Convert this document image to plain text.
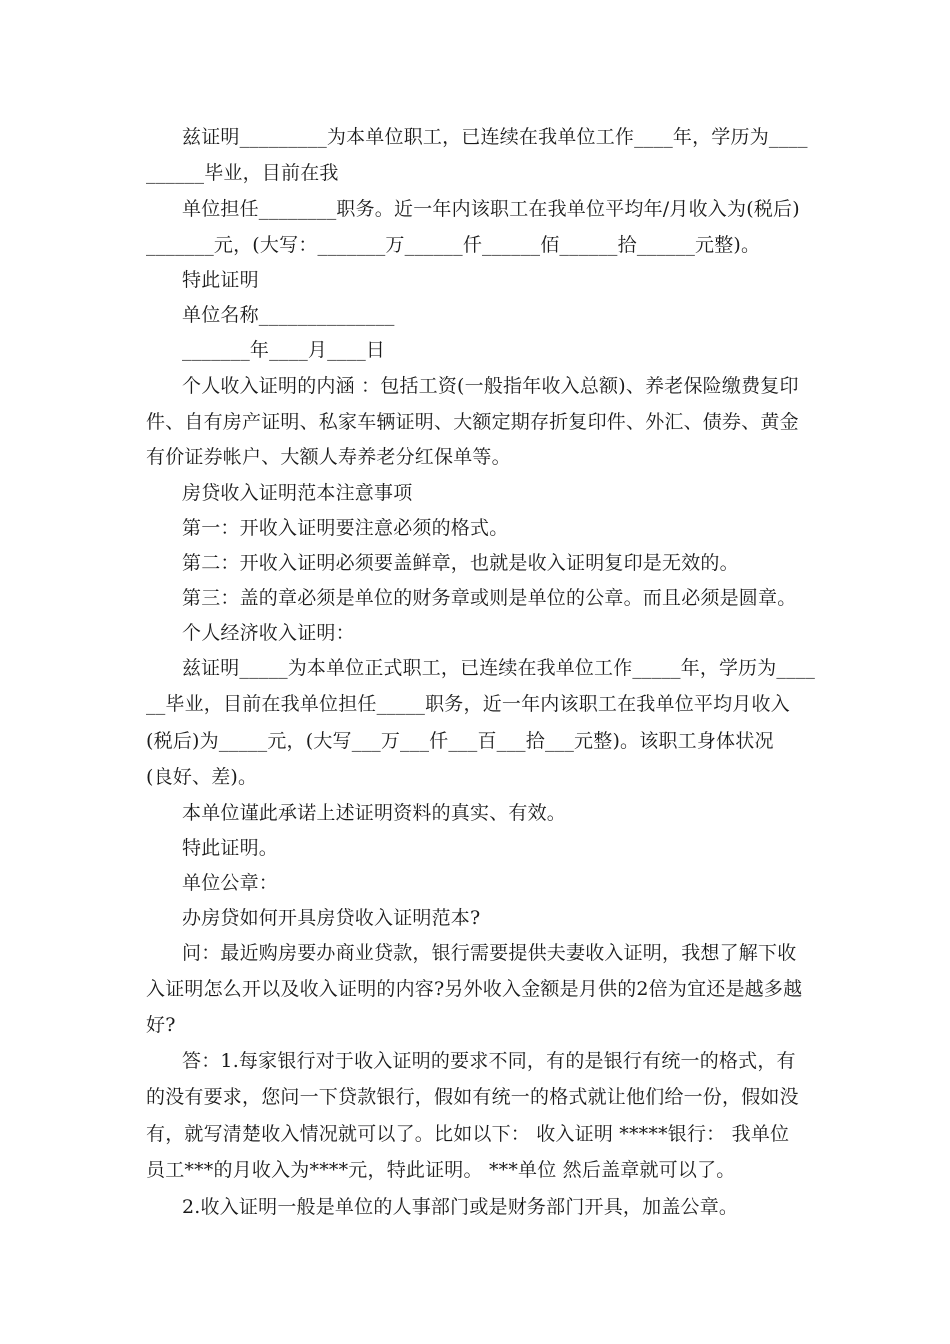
兹证明_________为本单位职工，已连续在我单位工作____年，学历为____

______毕业，目前在我

单位担任________职务。近一年内该职工在我单位平均年/月收入为(税后)

_______元，(大写：_______万______仟______佰______拾______元整)。

特此证明

单位名称______________

_______年____月____日

个人收入证明的内涵 ：包括工资(一般指年收入总额)、养老保险缴费复印

件、自有房产证明、私家车辆证明、大额定期存折复印件、外汇、债券、黄金

有价证券帐户、大额人寿养老分红保单等。

房贷收入证明范本注意事项

第一：开收入证明要注意必须的格式。

第二：开收入证明必须要盖鲜章，也就是收入证明复印是无效的。

第三：盖的章必须是单位的财务章或则是单位的公章。而且必须是圆章。

个人经济收入证明：

兹证明_____为本单位正式职工，已连续在我单位工作_____年，学历为____

__毕业，目前在我单位担任_____职务，近一年内该职工在我单位平均月收入

(税后)为_____元，(大写___万___仟___百___拾___元整)。该职工身体状况

(良好、差)。

本单位谨此承诺上述证明资料的真实、有效。

特此证明。

单位公章：

办房贷如何开具房贷收入证明范本?

问：最近购房要办商业贷款，银行需要提供夫妻收入证明，我想了解下收

入证明怎么开以及收入证明的内容?另外收入金额是月供的2倍为宜还是越多越

好?

答：1.每家银行对于收入证明的要求不同，有的是银行有统一的格式，有

的没有要求，您问一下贷款银行，假如有统一的格式就让他们给一份，假如没

有，就写清楚收入情况就可以了。比如以下： 收入证明 *****银行： 我单位

员工***的月收入为****元，特此证明。 ***单位 然后盖章就可以了。

2.收入证明一般是单位的人事部门或是财务部门开具，加盖公章。
